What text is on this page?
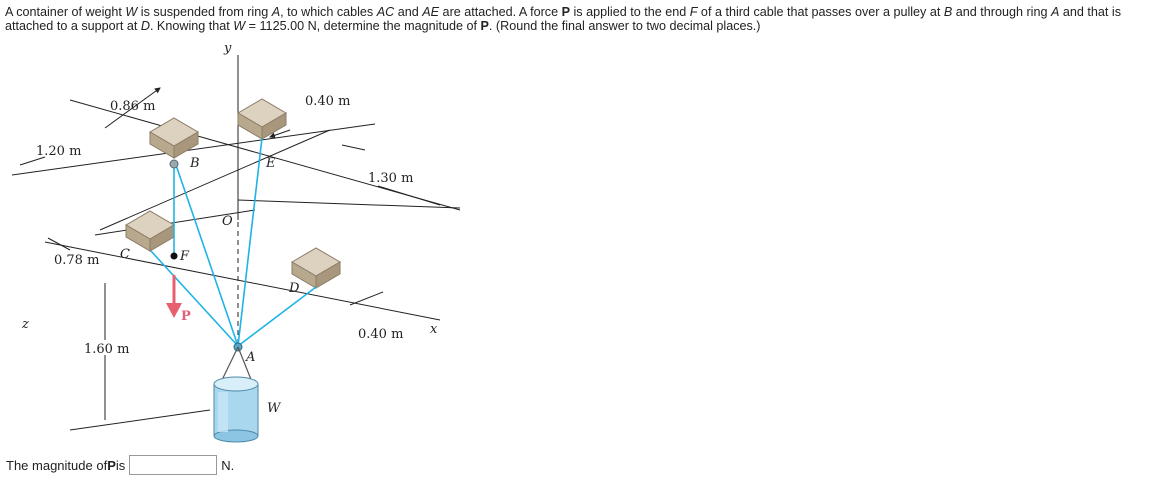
A container of weight W is suspended from ring A, to which cables AC and AE are attached. A force P is applied to the end F of a third cable that passes over a pulley at B and through ring A and that is attached to a support at D. Knowing that W = 1125.00 N, determine the magnitude of P. (Round the final answer to two decimal places.)

0.86 m	0.40 m
1.20 m
1.30 m
0.78 m
1.60 m
0.40 m
B	E
O
C	F
D
A
W
P
y
x
z
The magnitude of P is	N.
